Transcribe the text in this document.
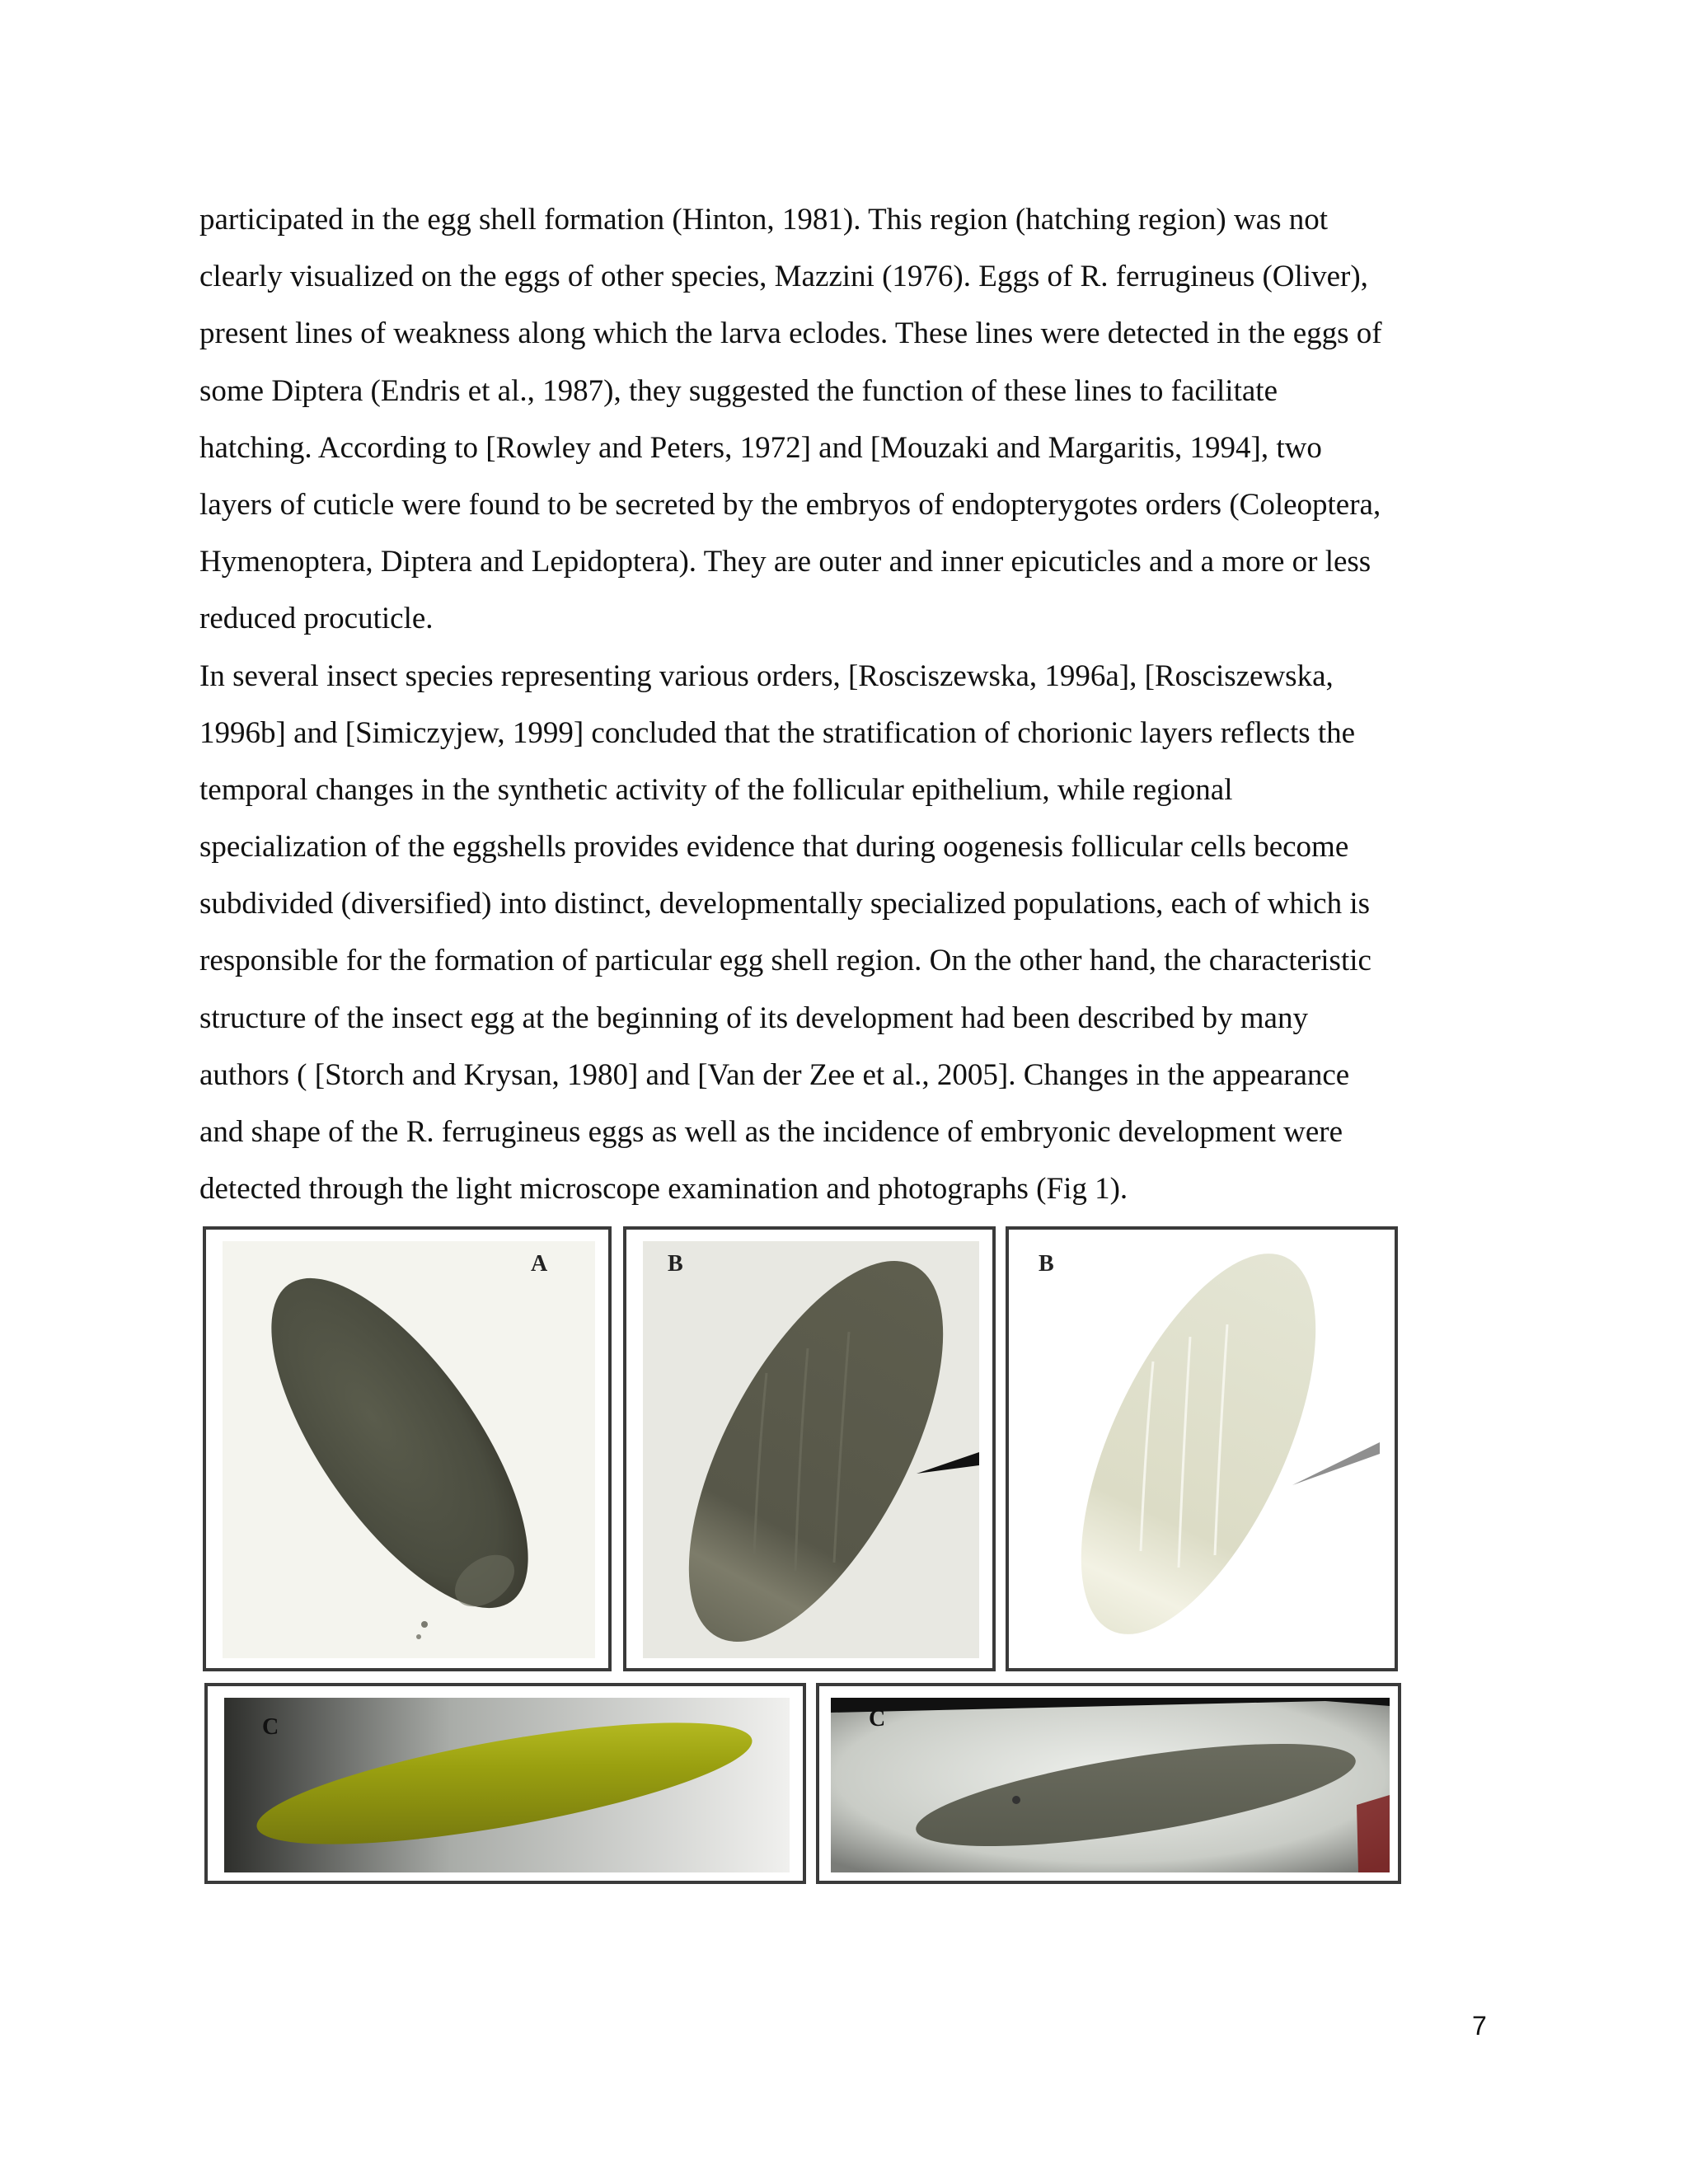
participated in the egg shell formation (Hinton, 1981). This region (hatching region) was not
clearly visualized on the eggs of other species, Mazzini (1976). Eggs of R. ferrugineus (Oliver),
present lines of weakness along which the larva eclodes. These lines were detected in the eggs of
some Diptera (Endris et al., 1987), they suggested the function of these lines to facilitate
hatching. According to [Rowley and Peters, 1972] and [Mouzaki and Margaritis, 1994], two
layers of cuticle were found to be secreted by the embryos of endopterygotes orders (Coleoptera,
Hymenoptera, Diptera and Lepidoptera). They are outer and inner epicuticles and a more or less
reduced procuticle.
In several insect species representing various orders, [Rosciszewska, 1996a], [Rosciszewska,
1996b] and [Simiczyjew, 1999] concluded that the stratification of chorionic layers reflects the
temporal changes in the synthetic activity of the follicular epithelium, while regional
specialization of the eggshells provides evidence that during oogenesis follicular cells become
subdivided (diversified) into distinct, developmentally specialized populations, each of which is
responsible for the formation of particular egg shell region. On the other hand, the characteristic
structure of the insect egg at the beginning of its development had been described by many
authors ( [Storch and Krysan, 1980] and [Van der Zee et al., 2005]. Changes in the appearance
and shape of the R. ferrugineus eggs as well as the incidence of embryonic development were
detected through the light microscope examination and photographs (Fig 1).
A	B	B
C	C
7
